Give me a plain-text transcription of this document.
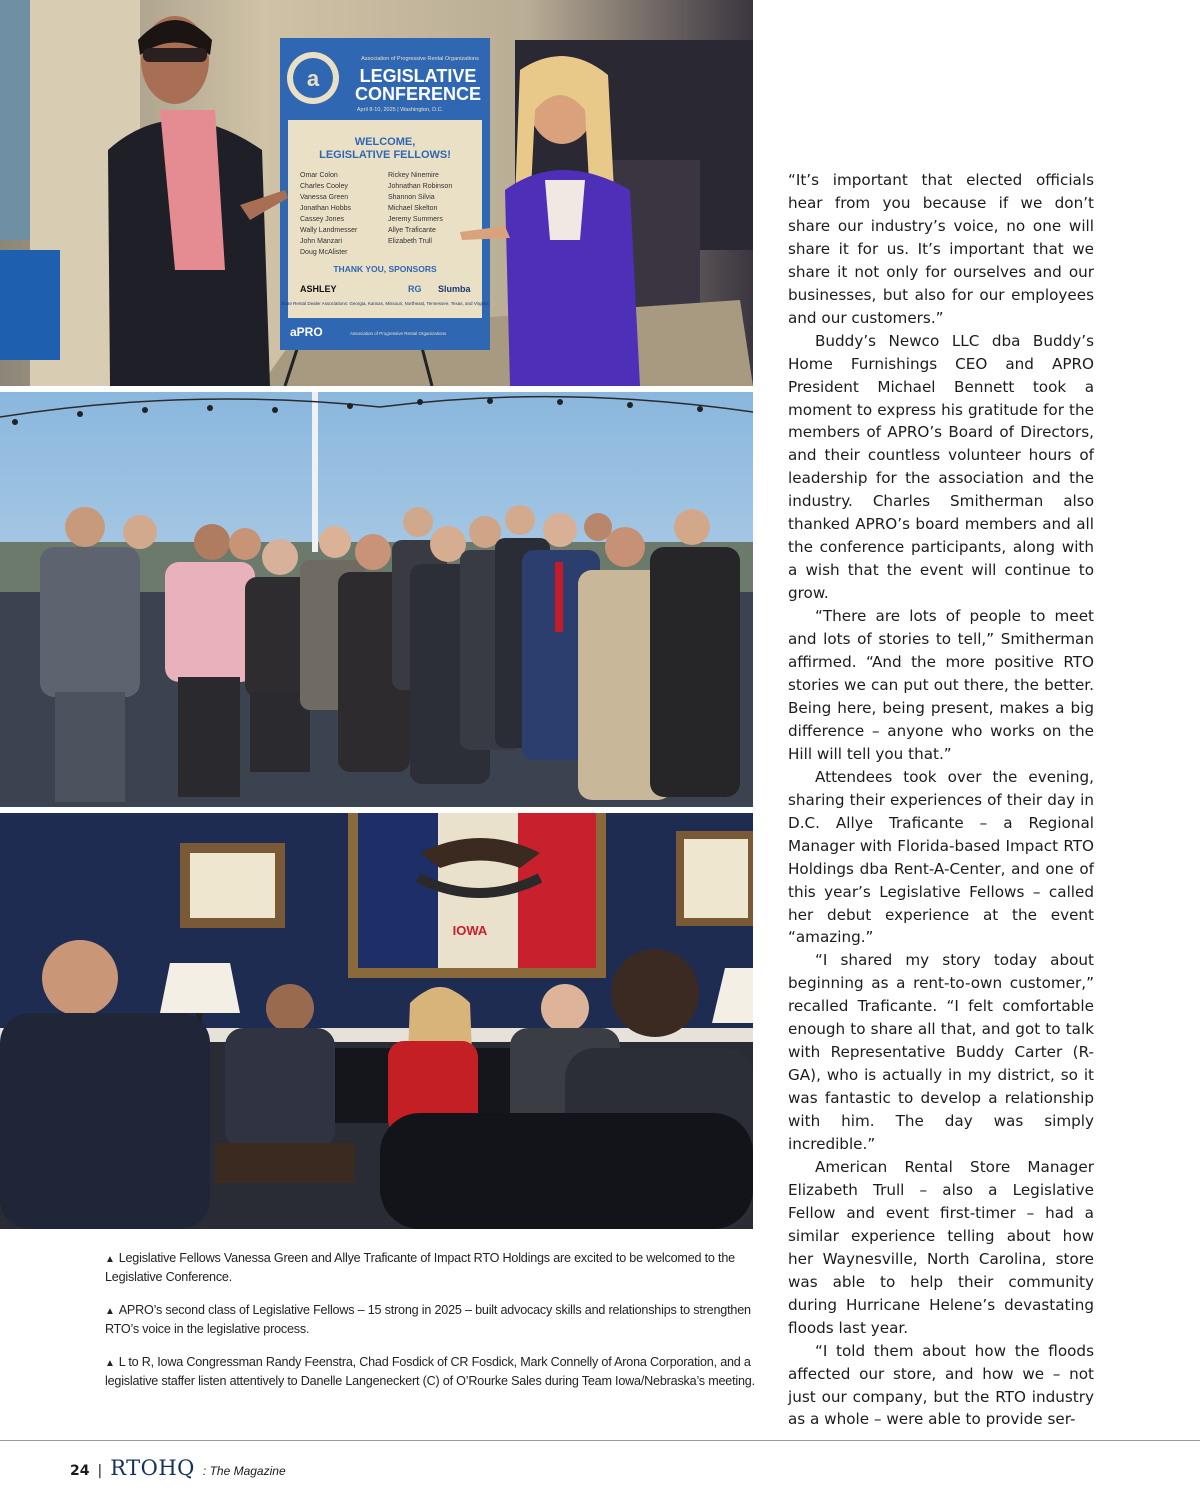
a
Association of Progressive Rental Organizations
LEGISLATIVE
CONFERENCE
April 8-10, 2025 | Washington, D.C.
WELCOME,
LEGISLATIVE FELLOWS!
Omar Colon
Charles Cooley
Vanessa Green
Jonathan Hobbs
Cassey Jones
Wally Landmesser
John Manzari
Doug McAlister
Rickey Ninemire
Johnathan Robinson
Shannon Silvia
Michael Skelton
Jeremy Summers
Allye Traficante
Elizabeth Trull
THANK YOU, SPONSORS
ASHLEY	RG Slumba
State Rental Dealer Associations: Georgia, Kansas, Missouri, Northeast, Tennessee, Texas, and Virginia
aPRO	Association of Progressive Rental Organizations
IOWA

▲ Legislative Fellows Vanessa Green and Allye Traficante of Impact RTO Holdings are excited to be welcomed to the Legislative Conference.

▲ APRO’s second class of Legislative Fellows – 15 strong in 2025 – built advocacy skills and relationships to strengthen RTO’s voice in the legislative process.

▲ L to R, Iowa Congressman Randy Feenstra, Chad Fosdick of CR Fosdick, Mark Connelly of Arona Corporation, and a legislative staffer listen attentively to Danelle Langeneckert (C) of O’Rourke Sales during Team Iowa/Nebraska’s meeting.

“It’s important that elected officials hear from you because if we don’t share our industry’s voice, no one will share it for us. It’s important that we share it not only for ourselves and our businesses, but also for our employees and our customers.”

Buddy’s Newco LLC dba Buddy’s Home Furnishings CEO and APRO President Michael Bennett took a moment to express his gratitude for the members of APRO’s Board of Directors, and their countless volunteer hours of leadership for the association and the industry. Charles Smitherman also thanked APRO’s board members and all the conference participants, along with a wish that the event will continue to grow.

“There are lots of people to meet and lots of stories to tell,” Smitherman affirmed. “And the more positive RTO stories we can put out there, the better. Being here, being present, makes a big difference – anyone who works on the Hill will tell you that.”

Attendees took over the evening, sharing their experiences of their day in D.C. Allye Traficante – a Regional Manager with Florida-based Impact RTO Holdings dba Rent-A-Center, and one of this year’s Legislative Fellows – called her debut experience at the event “amazing.”

“I shared my story today about beginning as a rent-to-own customer,” recalled Traficante. “I felt comfortable enough to share all that, and got to talk with Representative Buddy Carter (R-GA), who is actually in my district, so it was fantastic to develop a relationship with him. The day was simply incredible.”

American Rental Store Manager Elizabeth Trull – also a Legislative Fellow and event first-timer – had a similar experience telling about how her Waynesville, North Carolina, store was able to help their community during Hurricane Helene’s devastating floods last year.

“I told them about how the floods affected our store, and how we – not just our company, but the RTO industry as a whole – were able to provide ser-

24 | RTOHQ : The Magazine
